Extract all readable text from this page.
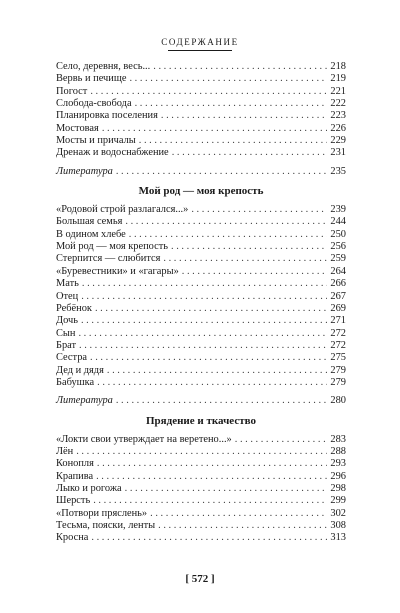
СОДЕРЖАНИЕ
Село, деревня, весь... . . .	218
Вервь и печище . . .	219
Погост . . .	221
Слобода-свобода . . .	222
Планировка поселения . . .	223
Мостовая . . .	226
Мосты и причалы . . .	229
Дренаж и водоснабжение . . .	231
Литература . . .	235
Мой род — моя крепость
«Родовой строй разлагался...» . . .	239
Большая семья . . .	244
В одином хлебе . . .	250
Мой род — моя крепость . . .	256
Стерпится — слюбится . . .	259
«Буревестники» и «гагары» . . .	264
Мать . . .	266
Отец . . .	267
Ребёнок . . .	269
Дочь . . .	271
Сын . . .	272
Брат . . .	272
Сестра . . .	275
Дед и дядя . . .	279
Бабушка . . .	279
Литература . . .	280
Прядение и ткачество
«Локти свои утверждает на веретено...» . . .	283
Лён . . .	288
Конопля . . .	293
Крапива . . .	296
Лыко и рогожа . . .	298
Шерсть . . .	299
«Потвори пряслень» . . .	302
Тесьма, пояски, ленты . . .	308
Кросна . . .	313
[ 572 ]
